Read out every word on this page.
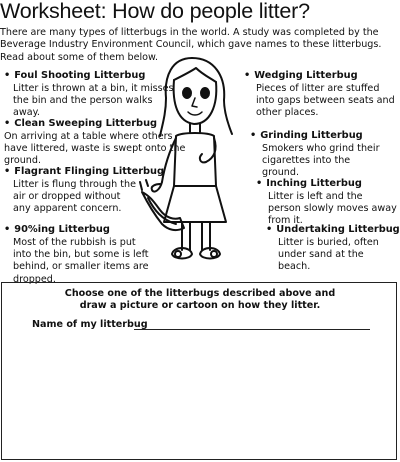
Worksheet: How do people litter?
There are many types of litterbugs in the world. A study was completed by the Beverage Industry Environment Council, which gave names to these litterbugs. Read about some of them below.
• Foul Shooting Litterbug
Litter is thrown at a bin, it misses the bin and the person walks away.
• Clean Sweeping Litterbug
On arriving at a table where others have littered, waste is swept onto the ground.
• Flagrant Flinging Litterbug
Litter is flung through the air or dropped without any apparent concern.
• 90%ing Litterbug
Most of the rubbish is put into the bin, but some is left behind, or smaller items are dropped.
• Wedging Litterbug
Pieces of litter are stuffed into gaps between seats and other places.
• Grinding Litterbug
Smokers who grind their cigarettes into the ground.
• Inching Litterbug
Litter is left and the person slowly moves away from it.
• Undertaking Litterbug
Litter is buried, often under sand at the beach.
Choose one of the litterbugs described above and
draw a picture or cartoon on how they litter.
Name of my litterbug
